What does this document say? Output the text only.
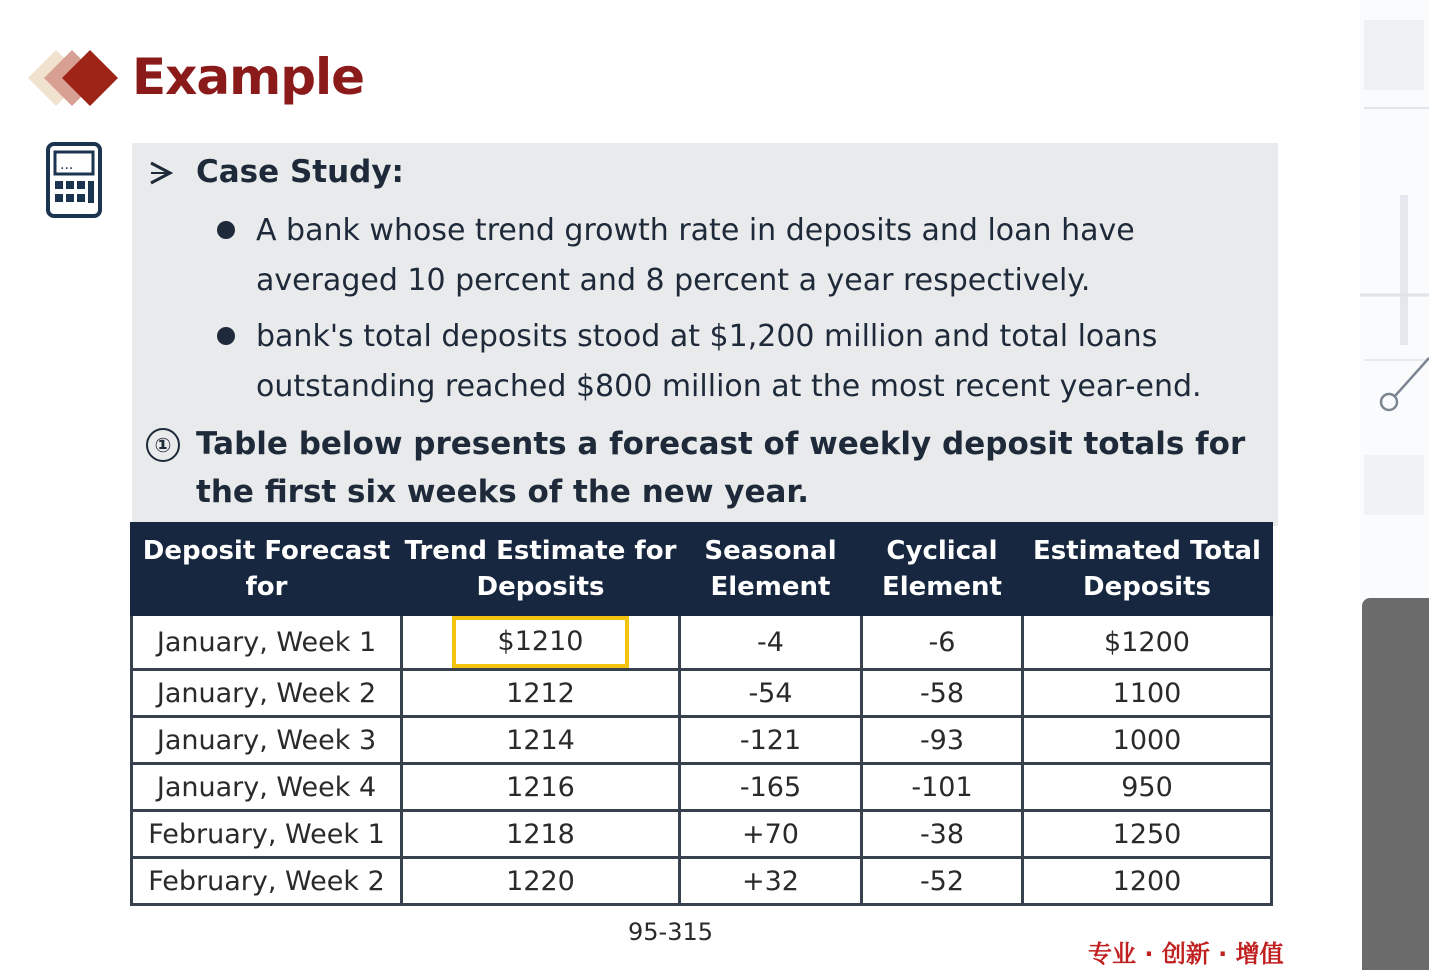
Example
...	Case Study:
A bank whose trend growth rate in deposits and loan have averaged 10 percent and 8 percent a year respectively.
bank's total deposits stood at $1,200 million and total loans outstanding reached $800 million at the most recent year-end.
① Table below presents a forecast of weekly deposit totals for the first six weeks of the new year.
Deposit Forecast for	Trend Estimate for Deposits	Seasonal Element	Cyclical Element	Estimated Total Deposits
January, Week 1	$1210	-4	-6	$1200
January, Week 2	1212	-54	-58	1100
January, Week 3	1214	-121	-93	1000
January, Week 4	1216	-165	-101	950
February, Week 1	1218	+70	-38	1250
February, Week 2	1220	+32	-52	1200
95-315
专业 · 创新 · 增值
